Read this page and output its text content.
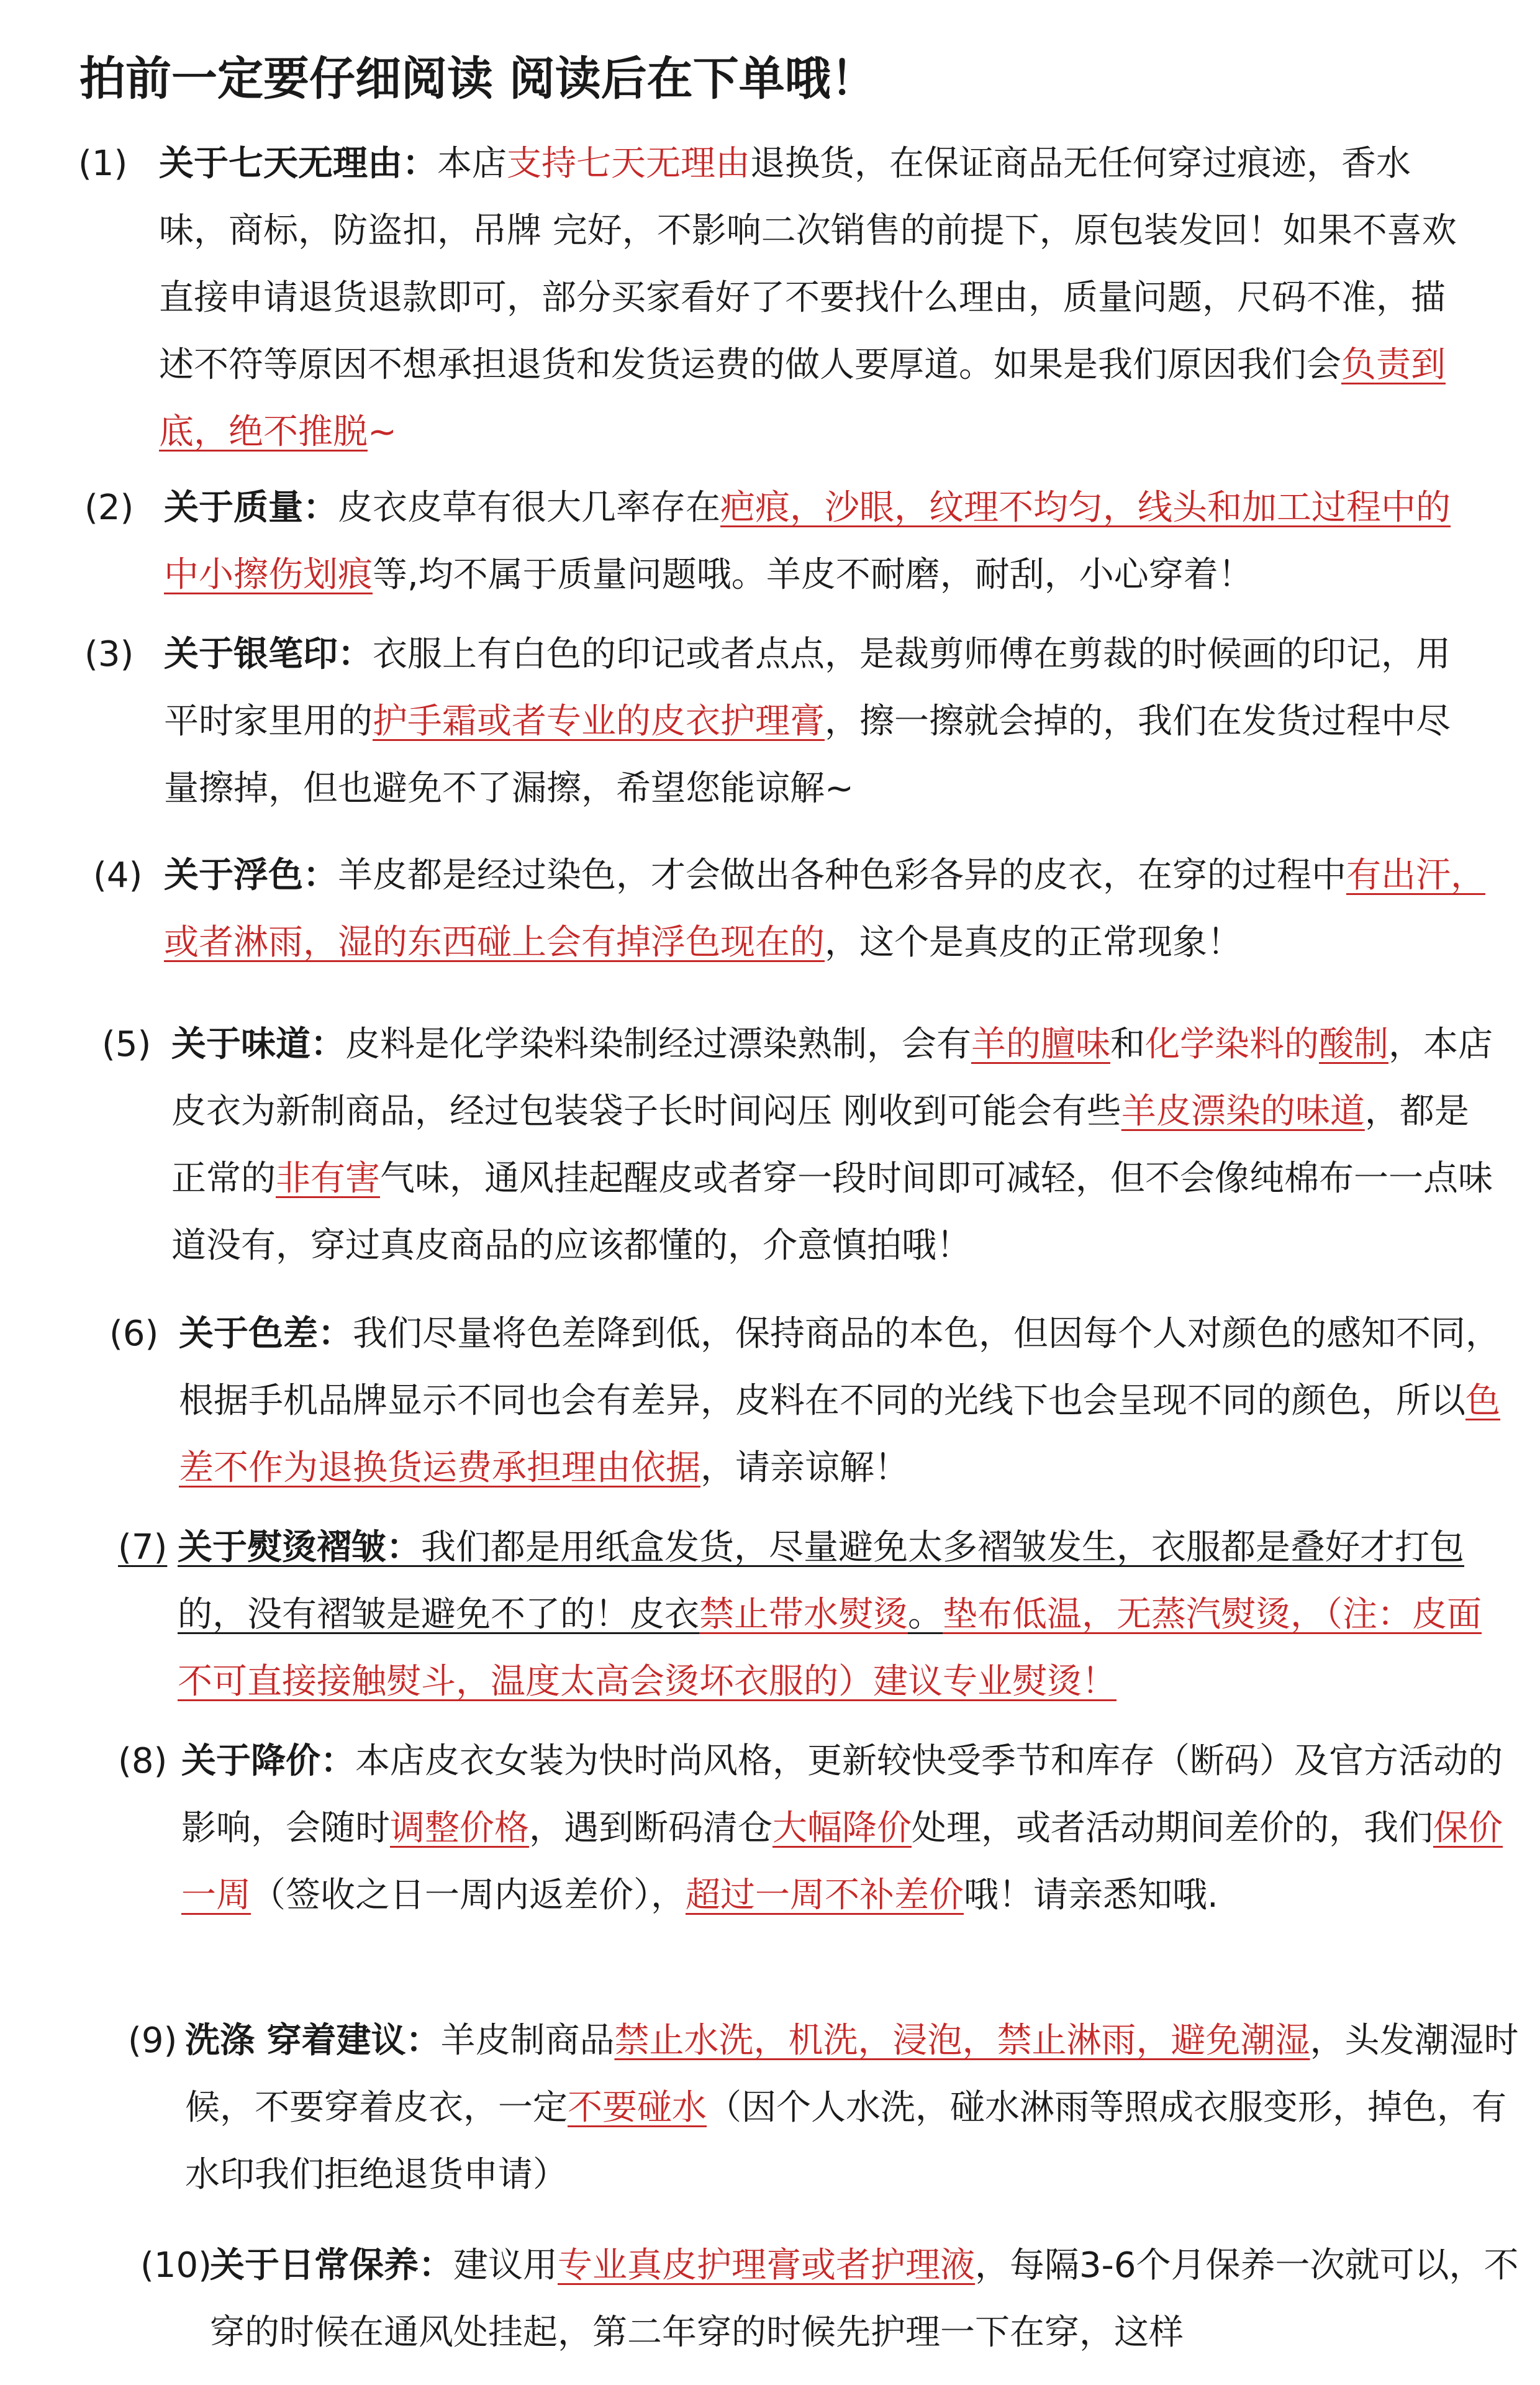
拍前一定要仔细阅读 阅读后在下单哦！
(1) 关于七天无理由：本店支持七天无理由退换货，在保证商品无任何穿过痕迹，香水味，商标，防盗扣，吊牌 完好，不影响二次销售的前提下，原包装发回！如果不喜欢直接申请退货退款即可，部分买家看好了不要找什么理由，质量问题，尺码不准，描述不符等原因不想承担退货和发货运费的做人要厚道。如果是我们原因我们会负责到底，绝不推脱~

(2) 关于质量：皮衣皮草有很大几率存在疤痕，沙眼，纹理不均匀，线头和加工过程中的中小擦伤划痕等,均不属于质量问题哦。羊皮不耐磨，耐刮，小心穿着！

(3) 关于银笔印：衣服上有白色的印记或者点点，是裁剪师傅在剪裁的时候画的印记，用平时家里用的护手霜或者专业的皮衣护理膏，擦一擦就会掉的，我们在发货过程中尽量擦掉，但也避免不了漏擦，希望您能谅解~

(4) 关于浮色：羊皮都是经过染色，才会做出各种色彩各异的皮衣，在穿的过程中有出汗，或者淋雨，湿的东西碰上会有掉浮色现在的，这个是真皮的正常现象！

(5) 关于味道：皮料是化学染料染制经过漂染熟制，会有羊的膻味和化学染料的酸制，本店皮衣为新制商品，经过包装袋子长时间闷压 刚收到可能会有些羊皮漂染的味道，都是正常的非有害气味，通风挂起醒皮或者穿一段时间即可减轻，但不会像纯棉布一一点味道没有，穿过真皮商品的应该都懂的，介意慎拍哦！

(6) 关于色差：我们尽量将色差降到低，保持商品的本色，但因每个人对颜色的感知不同，根据手机品牌显示不同也会有差异，皮料在不同的光线下也会呈现不同的颜色，所以色差不作为退换货运费承担理由依据，请亲谅解！

(7) 关于熨烫褶皱：我们都是用纸盒发货，尽量避免太多褶皱发生，衣服都是叠好才打包的，没有褶皱是避免不了的！皮衣禁止带水熨烫。垫布低温，无蒸汽熨烫，（注：皮面不可直接接触熨斗，温度太高会烫坏衣服的）建议专业熨烫！

(8) 关于降价：本店皮衣女装为快时尚风格，更新较快受季节和库存（断码）及官方活动的影响，会随时调整价格，遇到断码清仓大幅降价处理，或者活动期间差价的，我们保价一周（签收之日一周内返差价），超过一周不补差价哦！请亲悉知哦.

(9) 洗涤 穿着建议：羊皮制商品禁止水洗，机洗，浸泡，禁止淋雨，避免潮湿，头发潮湿时候，不要穿着皮衣，一定不要碰水（因个人水洗，碰水淋雨等照成衣服变形，掉色，有水印我们拒绝退货申请）

(10)

关于日常保养：建议用专业真皮护理膏或者护理液，每隔3-6个月保养一次就可以，不穿的时候在通风处挂起，第二年穿的时候先护理一下在穿，这样
